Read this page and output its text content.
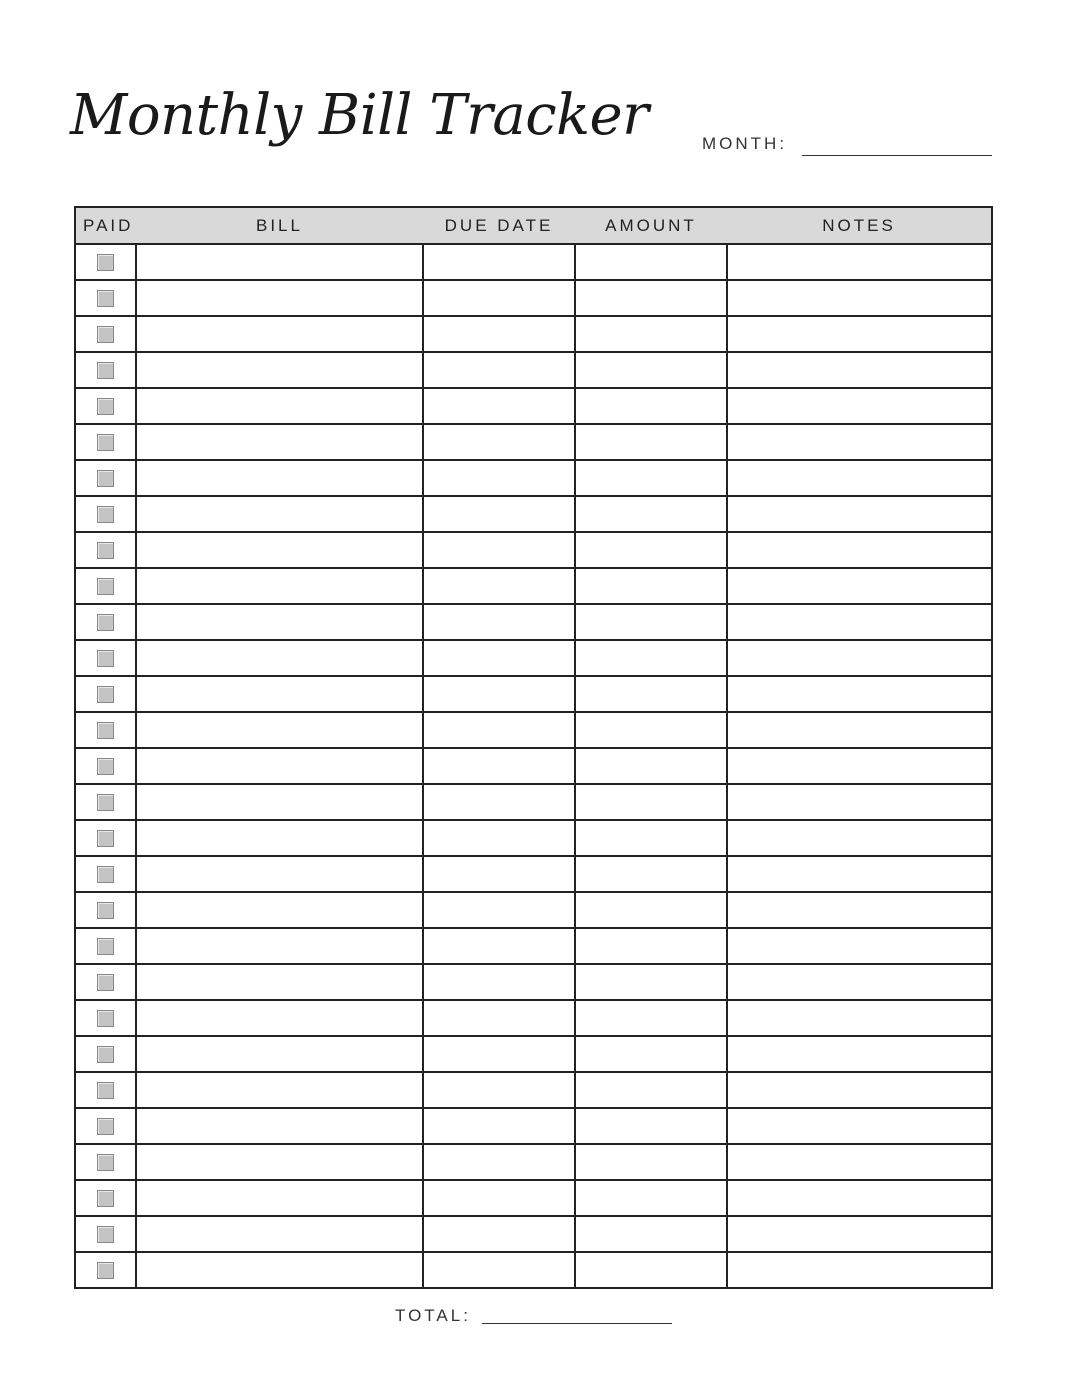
Monthly Bill Tracker	MONTH:
PAID	BILL	DUE DATE	AMOUNT	NOTES

TOTAL:
